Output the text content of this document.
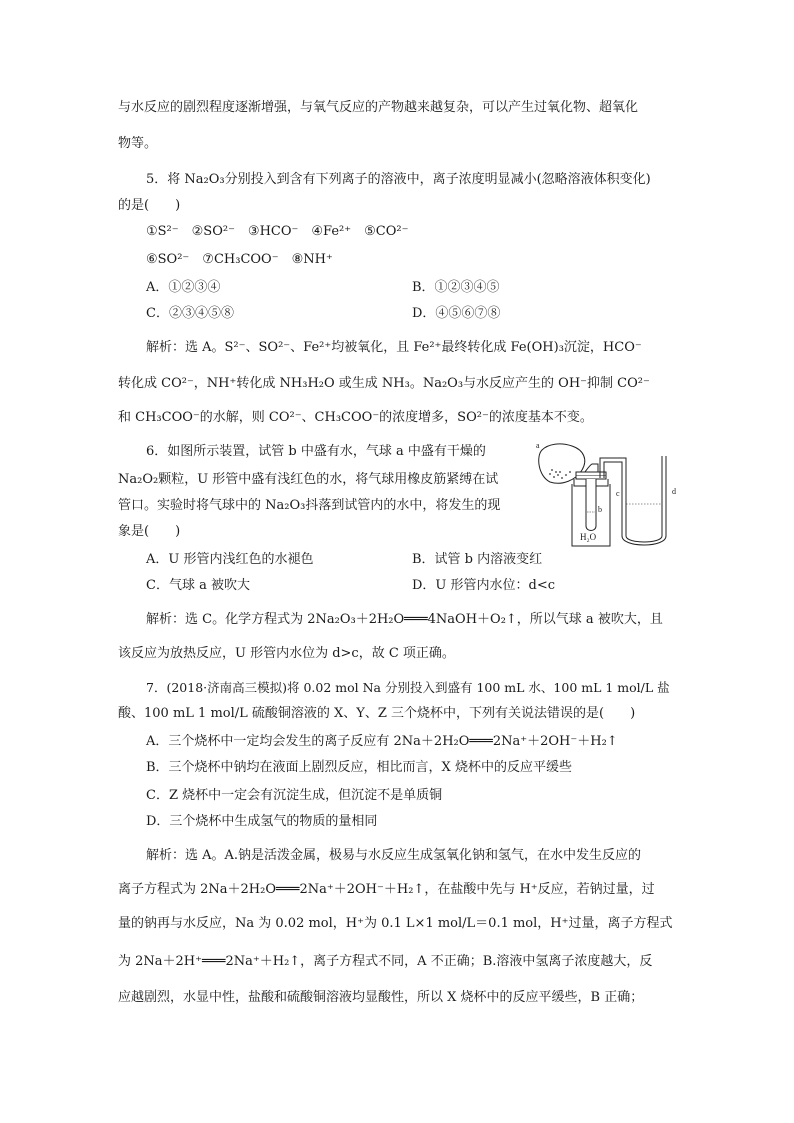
与水反应的剧烈程度逐渐增强，与氧气反应的产物越来越复杂，可以产生过氧化物、超氧化
物等。
5．将 Na₂O₃分别投入到含有下列离子的溶液中，离子浓度明显减小(忽略溶液体积变化)
的是(　　)
①S²⁻　②SO²⁻　③HCO⁻　④Fe²⁺　⑤CO²⁻
⑥SO²⁻　⑦CH₃COO⁻　⑧NH⁺
A．①②③④	B．①②③④⑤
C．②③④⑤⑧	D．④⑤⑥⑦⑧
解析：选 A。S²⁻、SO²⁻、Fe²⁺均被氧化，且 Fe²⁺最终转化成 Fe(OH)₃沉淀，HCO⁻
转化成 CO²⁻，NH⁺转化成 NH₃H₂O 或生成 NH₃。Na₂O₃与水反应产生的 OH⁻抑制 CO²⁻
和 CH₃COO⁻的水解，则 CO²⁻、CH₃COO⁻的浓度增多，SO²⁻的浓度基本不变。
6．如图所示装置，试管 b 中盛有水，气球 a 中盛有干燥的
Na₂O₂颗粒，U 形管中盛有浅红色的水，将气球用橡皮筋紧缚在试
管口。实验时将气球中的 Na₂O₃抖落到试管内的水中，将发生的现
象是(　　)
a
b
c	d
H₂O
A．U 形管内浅红色的水褪色	B．试管 b 内溶液变红
C．气球 a 被吹大	D．U 形管内水位：d<c
解析：选 C。化学方程式为 2Na₂O₃＋2H₂O═══4NaOH＋O₂↑，所以气球 a 被吹大，且
该反应为放热反应，U 形管内水位为 d>c，故 C 项正确。
7．(2018·济南高三模拟)将 0.02 mol Na 分别投入到盛有 100 mL 水、100 mL 1 mol/L 盐
酸、100 mL 1 mol/L 硫酸铜溶液的 X、Y、Z 三个烧杯中，下列有关说法错误的是(　　)
A．三个烧杯中一定均会发生的离子反应有 2Na＋2H₂O═══2Na⁺＋2OH⁻＋H₂↑
B．三个烧杯中钠均在液面上剧烈反应，相比而言，X 烧杯中的反应平缓些
C．Z 烧杯中一定会有沉淀生成，但沉淀不是单质铜
D．三个烧杯中生成氢气的物质的量相同
解析：选 A。A.钠是活泼金属，极易与水反应生成氢氧化钠和氢气，在水中发生反应的
离子方程式为 2Na＋2H₂O═══2Na⁺＋2OH⁻＋H₂↑，在盐酸中先与 H⁺反应，若钠过量，过
量的钠再与水反应，Na 为 0.02 mol，H⁺为 0.1 L×1 mol/L＝0.1 mol，H⁺过量，离子方程式
为 2Na＋2H⁺═══2Na⁺＋H₂↑，离子方程式不同，A 不正确；B.溶液中氢离子浓度越大，反
应越剧烈，水显中性，盐酸和硫酸铜溶液均显酸性，所以 X 烧杯中的反应平缓些，B 正确；
